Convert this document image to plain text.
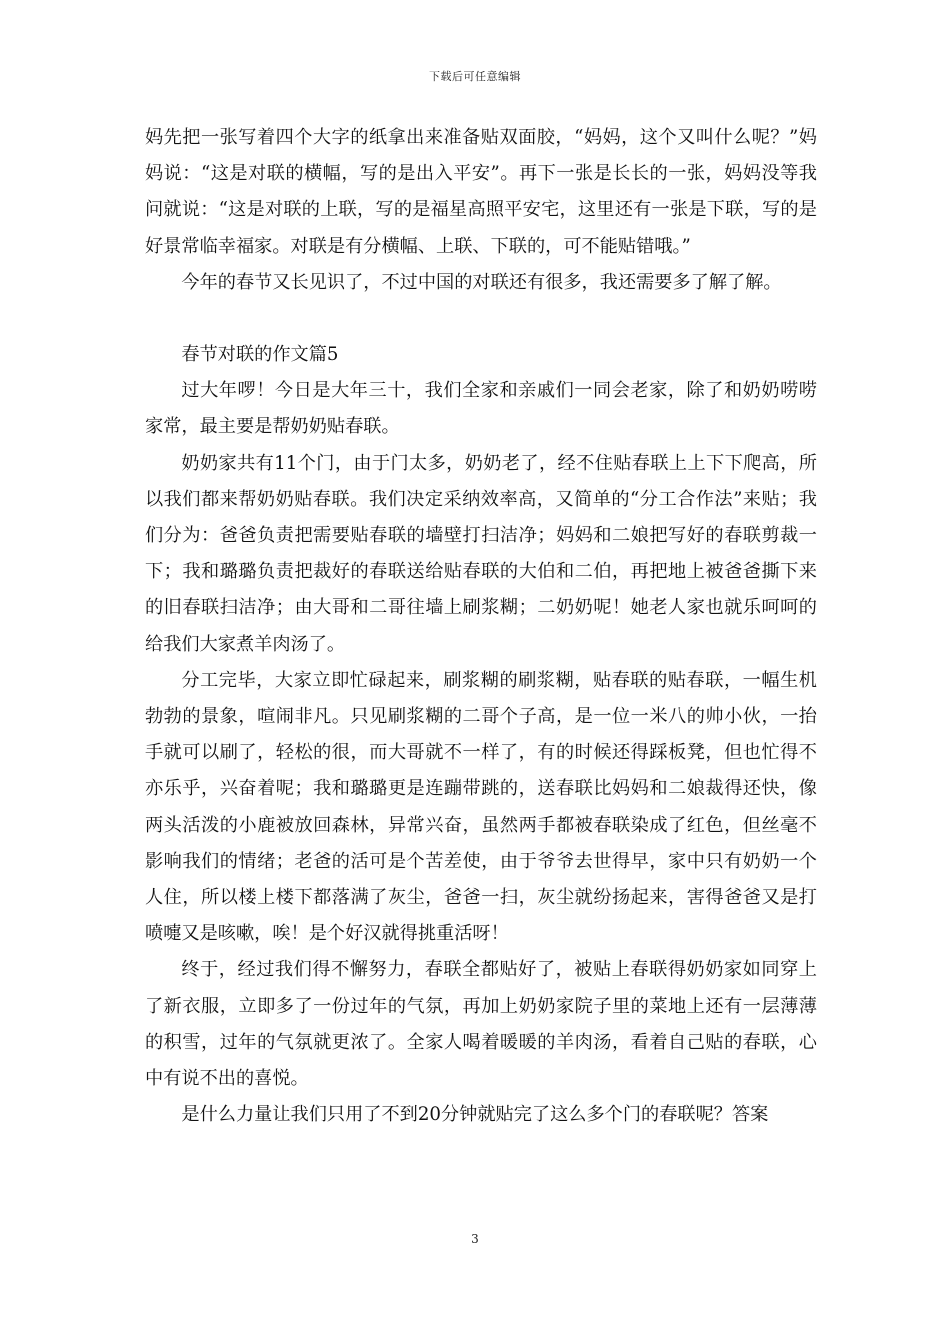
下载后可任意编辑

妈先把一张写着四个大字的纸拿出来准备贴双面胶，“妈妈，这个又叫什么呢？”妈妈说：“这是对联的横幅，写的是出入平安”。再下一张是长长的一张，妈妈没等我问就说：“这是对联的上联，写的是福星高照平安宅，这里还有一张是下联，写的是好景常临幸福家。对联是有分横幅、上联、下联的，可不能贴错哦。”

今年的春节又长见识了，不过中国的对联还有很多，我还需要多了解了解。

春节对联的作文篇5

过大年啰！今日是大年三十，我们全家和亲戚们一同会老家，除了和奶奶唠唠家常，最主要是帮奶奶贴春联。

奶奶家共有11个门，由于门太多，奶奶老了，经不住贴春联上上下下爬高，所以我们都来帮奶奶贴春联。我们决定采纳效率高，又简单的“分工合作法”来贴；我们分为：爸爸负责把需要贴春联的墙壁打扫洁净；妈妈和二娘把写好的春联剪裁一下；我和璐璐负责把裁好的春联送给贴春联的大伯和二伯，再把地上被爸爸撕下来的旧春联扫洁净；由大哥和二哥往墙上刷浆糊；二奶奶呢！她老人家也就乐呵呵的给我们大家煮羊肉汤了。

分工完毕，大家立即忙碌起来，刷浆糊的刷浆糊，贴春联的贴春联，一幅生机勃勃的景象，喧闹非凡。只见刷浆糊的二哥个子高，是一位一米八的帅小伙，一抬手就可以刷了，轻松的很，而大哥就不一样了，有的时候还得踩板凳，但也忙得不亦乐乎，兴奋着呢；我和璐璐更是连蹦带跳的，送春联比妈妈和二娘裁得还快，像两头活泼的小鹿被放回森林，异常兴奋，虽然两手都被春联染成了红色，但丝毫不影响我们的情绪；老爸的活可是个苦差使，由于爷爷去世得早，家中只有奶奶一个人住，所以楼上楼下都落满了灰尘，爸爸一扫，灰尘就纷扬起来，害得爸爸又是打喷嚏又是咳嗽，唉！是个好汉就得挑重活呀！

终于，经过我们得不懈努力，春联全都贴好了，被贴上春联得奶奶家如同穿上了新衣服，立即多了一份过年的气氛，再加上奶奶家院子里的菜地上还有一层薄薄的积雪，过年的气氛就更浓了。全家人喝着暖暖的羊肉汤，看着自己贴的春联，心中有说不出的喜悦。

是什么力量让我们只用了不到20分钟就贴完了这么多个门的春联呢？答案

3
